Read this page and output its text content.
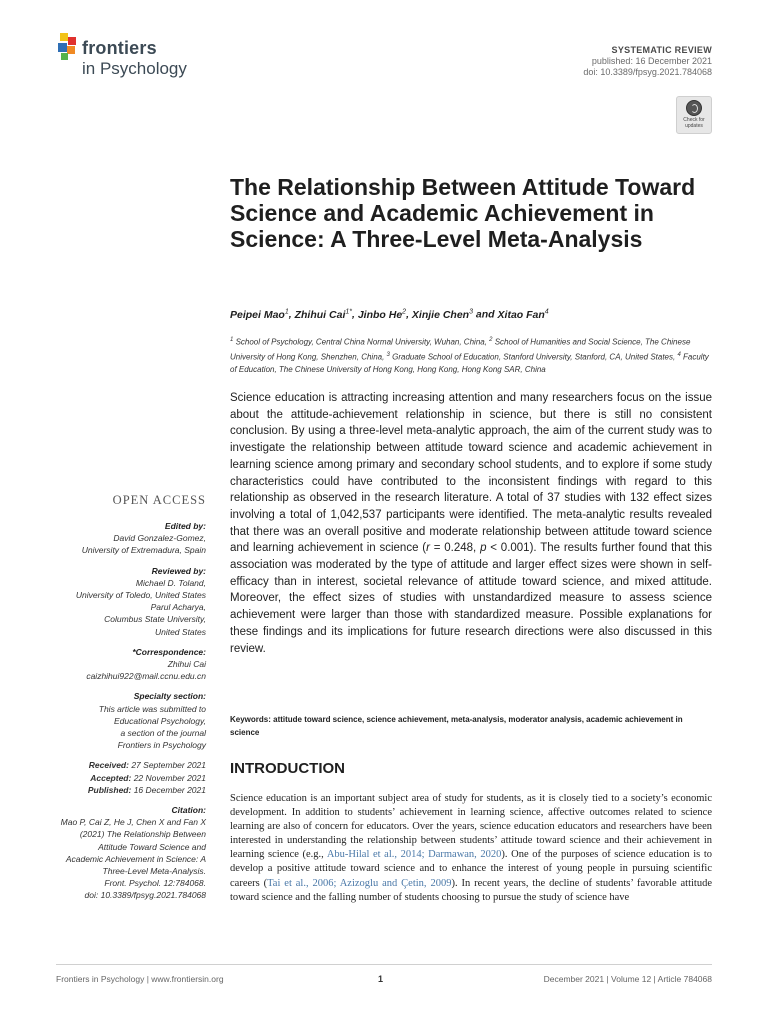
frontiers
in Psychology
SYSTEMATIC REVIEW
published: 16 December 2021
doi: 10.3389/fpsyg.2021.784068
Check for updates
The Relationship Between Attitude Toward Science and Academic Achievement in Science: A Three-Level Meta-Analysis
Peipei Mao$^1$, Zhihui Cai$^{1*}$, Jinbo He$^2$, Xinjie Chen$^3$ and Xitao Fan$^4$
$^1$ School of Psychology, Central China Normal University, Wuhan, China, $^2$ School of Humanities and Social Science, The Chinese University of Hong Kong, Shenzhen, China, $^3$ Graduate School of Education, Stanford University, Stanford, CA, United States, $^4$ Faculty of Education, The Chinese University of Hong Kong, Hong Kong, Hong Kong SAR, China
Science education is attracting increasing attention and many researchers focus on the issue about the attitude-achievement relationship in science, but there is still no consistent conclusion. By using a three-level meta-analytic approach, the aim of the current study was to investigate the relationship between attitude toward science and academic achievement in learning science among primary and secondary school students, and to explore if some study characteristics could have contributed to the inconsistent findings with regard to this relationship as observed in the research literature. A total of 37 studies with 132 effect sizes involving a total of 1,042,537 participants were identified. The meta-analytic results revealed that there was an overall positive and moderate relationship between attitude toward science and learning achievement in science (r = 0.248, p < 0.001). The results further found that this association was moderated by the type of attitude and larger effect sizes were shown in self-efficacy than in interest, societal relevance of attitude toward science, and mixed attitude. Moreover, the effect sizes of studies with unstandardized measure to assess science achievement were larger than those with standardized measure. Possible explanations for these findings and its implications for future research directions were also discussed in this review.
Keywords: attitude toward science, science achievement, meta-analysis, moderator analysis, academic achievement in science
INTRODUCTION
Science education is an important subject area of study for students, as it is closely tied to a society’s economic development. In addition to students’ achievement in learning science, affective outcomes related to science learning are also of concern for educators. Over the years, science education educators and researchers have been interested in understanding the relationship between students’ attitude toward science and their achievement in learning science (e.g., Abu-Hilal et al., 2014; Darmawan, 2020). One of the purposes of science education is to develop a positive attitude toward science and to enhance the interest of young people in pursuing scientific careers (Tai et al., 2006; Azizoglu and Çetin, 2009). In recent years, the decline of students’ favorable attitude toward science and the falling number of students choosing to pursue the study of science have
OPEN ACCESS
Edited by:
David Gonzalez-Gomez,
University of Extremadura, Spain
Reviewed by:
Michael D. Toland,
University of Toledo, United States
Parul Acharya,
Columbus State University,
United States
*Correspondence:
Zhihui Cai
caizhihui922@mail.ccnu.edu.cn
Specialty section:
This article was submitted to
Educational Psychology,
a section of the journal
Frontiers in Psychology
Received: 27 September 2021
Accepted: 22 November 2021
Published: 16 December 2021
Citation:
Mao P, Cai Z, He J, Chen X and Fan X
(2021) The Relationship Between
Attitude Toward Science and
Academic Achievement in Science: A
Three-Level Meta-Analysis.
Front. Psychol. 12:784068.
doi: 10.3389/fpsyg.2021.784068
Frontiers in Psychology | www.frontiersin.org	1	December 2021 | Volume 12 | Article 784068
